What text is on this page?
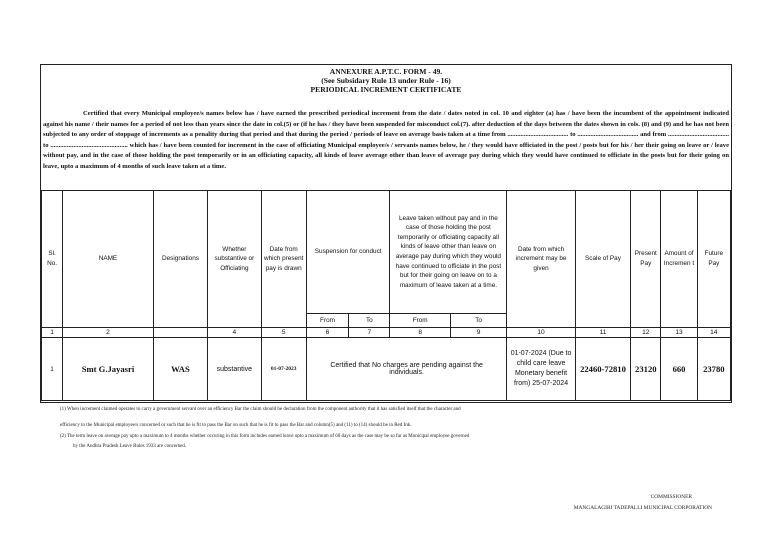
ANNEXURE A.P.T.C. FORM - 49.
(See Subsidary Rule 13 under Rule - 16)
PERIODICAL INCREMENT CERTIFICATE
Certified that every Municipal employee/s names below has / have earned the prescribed periodical increment from the date / dates noted in col. 10 and eighter (a) has / have been the incumbent of the appointment indicated against his name / their names for a period of not less than years since the date in col.(5) or (if he has / they have been suspended for misconduct col.(7). after deduction of the days between the dates shown in cols. (8) and (9) and he has not been subjected to any order of stoppage of increments as a penality during that period and that during the period / periods of leave on average basis taken at a time from ..................................... to ..................................... and from ..................................... to ............................................... which has / have been counted for increment in the case of officiating Municipal employee/s / servants names below, he / they would have officiated in the post / posts but for his / her their going on leave or / leave without pay, and in the case of those holding the post temporarily or in an officiating capacity, all kinds of leave average other than leave of average pay during which they would have continued to officiate in the posts but for their going on leave, upto a maximum of 4 months of such leave taken at a time.
Sl. No.	NAME	Designations	Whether substantive or Officiating	Date from which present pay is drawn	Suspension for conduct		Leave taken without pay and in the case of those holding the post temporarily or officiating capacity all kinds of leave other than leave on average pay during which they would have continued to officiate in the post but for their going on leave on to a maximum of leave taken at a time.		Date from which increment may be given	Scale of Pay	Present Pay	Amount of Incremen t	Future Pay
					From	To	From	To					
1	2		4	5	6	7	8	9	10	11	12	13	14
1	Smt G.Jayasri	WAS	substantive	01-07-2023	Certified that No charges are pending against the individuals.				01-07-2024 (Due to child care leave Monetary benefit from) 25-07-2024	22460-72810	23120	660	23780
(1) When increment claimed operates to carry a government servant over an efficiency Bar the claim should be declaration from the component authority that it has satisfied itself that the character and
efficiency to the Municipal employee/s concerned or such that he is fit to pass the Bar on such that he is fit to pass the Bar and column(5) and (11) to (14) should be in Red Ink.
(2) The term leave on average pay upto a maximum to 4 months whether occuring in this form includes earned leave upto a maximum of 60 days as the case may be so far as Municipal employee governed
by the Andhra Pradesh Leave Rules 1933 are concerned.
COMMISSIONER
MANGALAGIRI TADEPALLI MUNICIPAL CORPORATION
